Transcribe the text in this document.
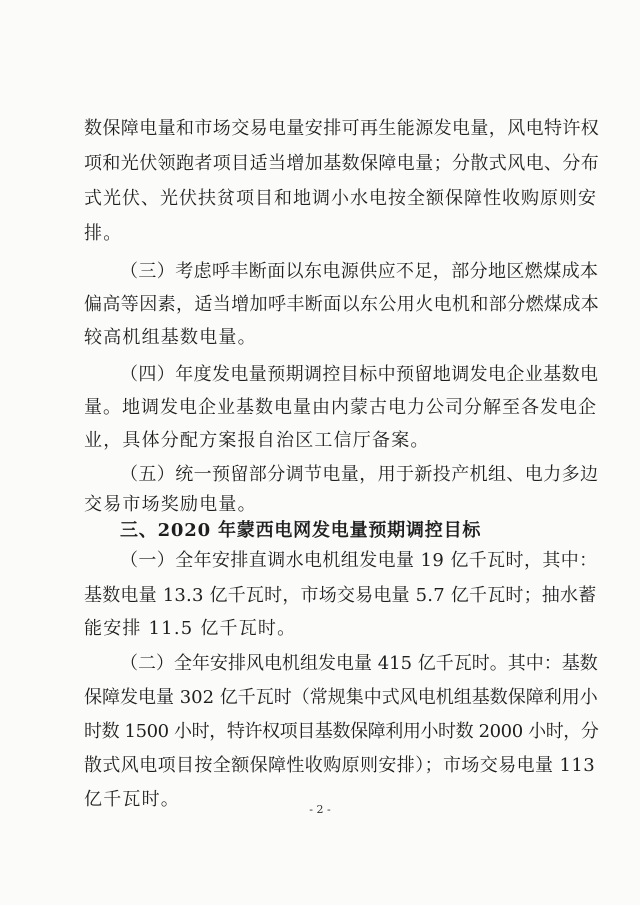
数保障电量和市场交易电量安排可再生能源发电量，风电特许权
项和光伏领跑者项目适当增加基数保障电量；分散式风电、分布
式光伏、光伏扶贫项目和地调小水电按全额保障性收购原则安
排。
（三）考虑呼丰断面以东电源供应不足，部分地区燃煤成本
偏高等因素，适当增加呼丰断面以东公用火电机和部分燃煤成本
较高机组基数电量。
（四）年度发电量预期调控目标中预留地调发电企业基数电
量。地调发电企业基数电量由内蒙古电力公司分解至各发电企
业，具体分配方案报自治区工信厅备案。
（五）统一预留部分调节电量，用于新投产机组、电力多边
交易市场奖励电量。
三、2020 年蒙西电网发电量预期调控目标
（一）全年安排直调水电机组发电量 19 亿千瓦时，其中：
基数电量 13.3 亿千瓦时，市场交易电量 5.7 亿千瓦时；抽水蓄
能安排 11.5 亿千瓦时。
（二）全年安排风电机组发电量 415 亿千瓦时。其中：基数
保障发电量 302 亿千瓦时（常规集中式风电机组基数保障利用小
时数 1500 小时，特许权项目基数保障利用小时数 2000 小时，分
散式风电项目按全额保障性收购原则安排）；市场交易电量 113
亿千瓦时。	- 2 -
